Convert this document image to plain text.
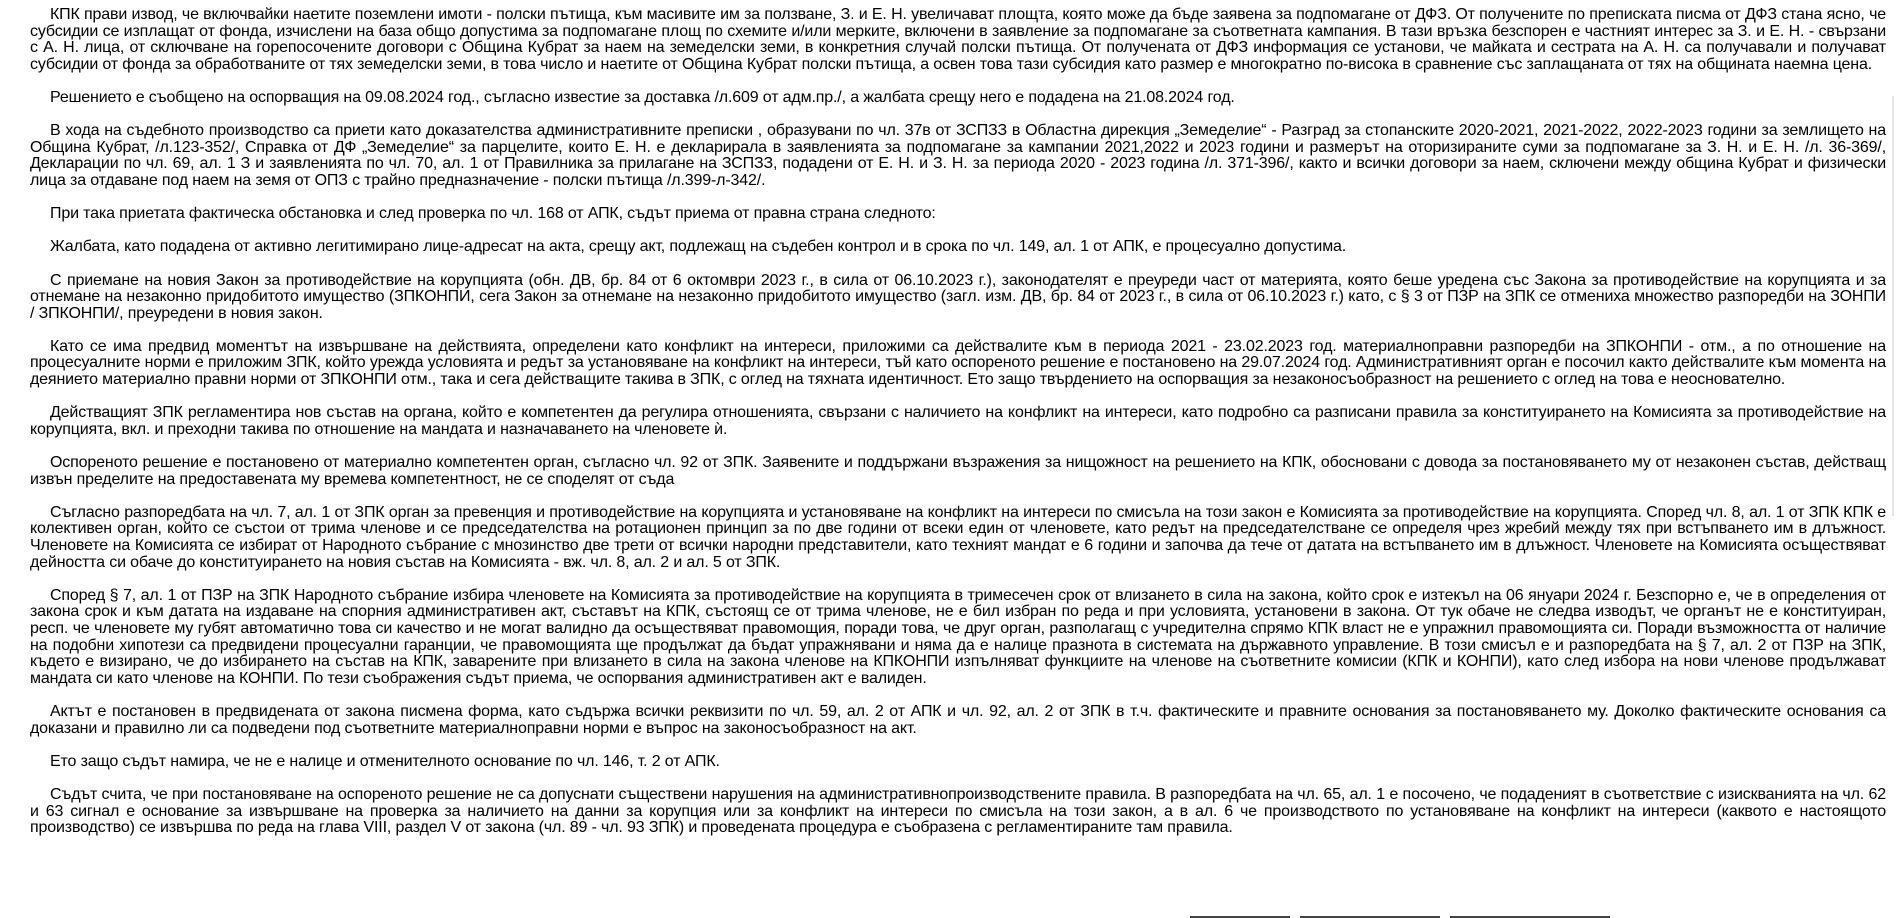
КПК прави извод, че включвайки наетите поземлени имоти - полски пътища, към масивите им за ползване, З. и Е. Н. увеличават площта, която може да бъде заявена за подпомагане от ДФЗ. От получените по преписката писма от ДФЗ стана ясно, че субсидии се изплащат от фонда, изчислени на база общо допустима за подпомагане площ по схемите и/или мерките, включени в заявление за подпомагане за съответната кампания. В тази връзка безспорен е частният интерес за З. и Е. Н. - свързани с А. Н. лица, от сключване на горепосочените договори с Община Кубрат за наем на земеделски земи, в конкретния случай полски пътища. От получената от ДФЗ информация се установи, че майката и сестрата на А. Н. са получавали и получават субсидии от фонда за обработваните от тях земеделски земи, в това число и наетите от Община Кубрат полски пътища, а освен това тази субсидия като размер е многократно по-висока в сравнение със заплащаната от тях на общината наемна цена.

Решението е съобщено на оспорващия на 09.08.2024 год., съгласно известие за доставка /л.609 от адм.пр./, а жалбата срещу него е подадена на 21.08.2024 год.

В хода на съдебното производство са приети като доказателства административните преписки , образувани по чл. 37в от ЗСПЗЗ в Областна дирекция „Земеделие“ - Разград за стопанските 2020-2021, 2021-2022, 2022-2023 години за землището на Община Кубрат, /л.123-352/, Справка от ДФ „Земеделие“ за парцелите, които Е. Н. е декларирала в заявленията за подпомагане за кампании 2021,2022 и 2023 години и размерът на оторизираните суми за подпомагане за З. Н. и Е. Н. /л. 36-369/, Декларации по чл. 69, ал. 1 З и заявленията по чл. 70, ал. 1 от Правилника за прилагане на ЗСПЗЗ, подадени от Е. Н. и З. Н. за периода 2020 - 2023 година /л. 371-396/, както и всички договори за наем, сключени между община Кубрат и физически лица за отдаване под наем на земя от ОПЗ с трайно предназначение - полски пътища /л.399-л-342/.

При така приетата фактическа обстановка и след проверка по чл. 168 от АПК, съдът приема от правна страна следното:

Жалбата, като подадена от активно легитимирано лице-адресат на акта, срещу акт, подлежащ на съдебен контрол и в срока по чл. 149, ал. 1 от АПК, е процесуално допустима.

С приемане на новия Закон за противодействие на корупцията (обн. ДВ, бр. 84 от 6 октомври 2023 г., в сила от 06.10.2023 г.), законодателят е преуреди част от материята, която беше уредена със Закона за противодействие на корупцията и за отнемане на незаконно придобитото имущество (ЗПКОНПИ, сега Закон за отнемане на незаконно придобитото имущество (загл. изм. ДВ, бр. 84 от 2023 г., в сила от 06.10.2023 г.) като, с § 3 от ПЗР на ЗПК се отмениха множество разпоредби на ЗОНПИ / ЗПКОНПИ/, преуредени в новия закон.

Като се има предвид моментът на извършване на действията, определени като конфликт на интереси, приложими са действалите към в периода 2021 - 23.02.2023 год. материалноправни разпоредби на ЗПКОНПИ - отм., а по отношение на процесуалните норми е приложим ЗПК, който урежда условията и редът за установяване на конфликт на интереси, тъй като оспореното решение е постановено на 29.07.2024 год. Административният орган е посочил както действалите към момента на деянието материално правни норми от ЗПКОНПИ отм., така и сега действащите такива в ЗПК, с оглед на тяхната идентичност. Ето защо твърдението на оспорващия за незаконосъобразност на решението с оглед на това е неоснователно.

Действащият ЗПК регламентира нов състав на органа, който е компетентен да регулира отношенията, свързани с наличието на конфликт на интереси, като подробно са разписани правила за конституирането на Комисията за противодействие на корупцията, вкл. и преходни такива по отношение на мандата и назначаването на членовете ѝ.

Оспореното решение е постановено от материално компетентен орган, съгласно чл. 92 от ЗПК. Заявените и поддържани възражения за нищожност на решението на КПК, обосновани с довода за постановяването му от незаконен състав, действащ извън пределите на предоставената му времева компетентност, не се споделят от съда

Съгласно разпоредбата на чл. 7, ал. 1 от ЗПК орган за превенция и противодействие на корупцията и установяване на конфликт на интереси по смисъла на този закон е Комисията за противодействие на корупцията. Според чл. 8, ал. 1 от ЗПК КПК е колективен орган, който се състои от трима членове и се председателства на ротационен принцип за по две години от всеки един от членовете, като редът на председателстване се определя чрез жребий между тях при встъпването им в длъжност. Членовете на Комисията се избират от Народното събрание с мнозинство две трети от всички народни представители, като техният мандат е 6 години и започва да тече от датата на встъпването им в длъжност. Членовете на Комисията осъществяват дейността си обаче до конституирането на новия състав на Комисията - вж. чл. 8, ал. 2 и ал. 5 от ЗПК.

Според § 7, ал. 1 от ПЗР на ЗПК Народното събрание избира членовете на Комисията за противодействие на корупцията в тримесечен срок от влизането в сила на закона, който срок е изтекъл на 06 януари 2024 г. Безспорно е, че в определения от закона срок и към датата на издаване на спорния административен акт, съставът на КПК, състоящ се от трима членове, не е бил избран по реда и при условията, установени в закона. От тук обаче не следва изводът, че органът не е конституиран, респ. че членовете му губят автоматично това си качество и не могат валидно да осъществяват правомощия, поради това, че друг орган, разполагащ с учредителна спрямо КПК власт не е упражнил правомощията си. Поради възможността от наличие на подобни хипотези са предвидени процесуални гаранции, че правомощията ще продължат да бъдат упражнявани и няма да е налице празнота в системата на държавното управление. В този смисъл е и разпоредбата на § 7, ал. 2 от ПЗР на ЗПК, където е визирано, че до избирането на състав на КПК, заварените при влизането в сила на закона членове на КПКОНПИ изпълняват функциите на членове на съответните комисии (КПК и КОНПИ), като след избора на нови членове продължават мандата си като членове на КОНПИ. По тези съображения съдът приема, че оспорвания административен акт е валиден.

Актът е постановен в предвидената от закона писмена форма, като съдържа всички реквизити по чл. 59, ал. 2 от АПК и чл. 92, ал. 2 от ЗПК в т.ч. фактическите и правните основания за постановяването му. Доколко фактическите основания са доказани и правилно ли са подведени под съответните материалноправни норми е въпрос на законосъобразност на акт.

Ето защо съдът намира, че не е налице и отменителното основание по чл. 146, т. 2 от АПК.

Съдът счита, че при постановяване на оспореното решение не са допуснати съществени нарушения на административнопроизводствените правила. В разпоредбата на чл. 65, ал. 1 е посочено, че подаденият в съответствие с изискванията на чл. 62 и 63 сигнал е основание за извършване на проверка за наличието на данни за корупция или за конфликт на интереси по смисъла на този закон, а в ал. 6 че производството по установяване на конфликт на интереси (каквото е настоящото производство) се извършва по реда на глава VIII, раздел V от закона (чл. 89 - чл. 93 ЗПК) и проведената процедура е съобразена с регламентираните там правила.
